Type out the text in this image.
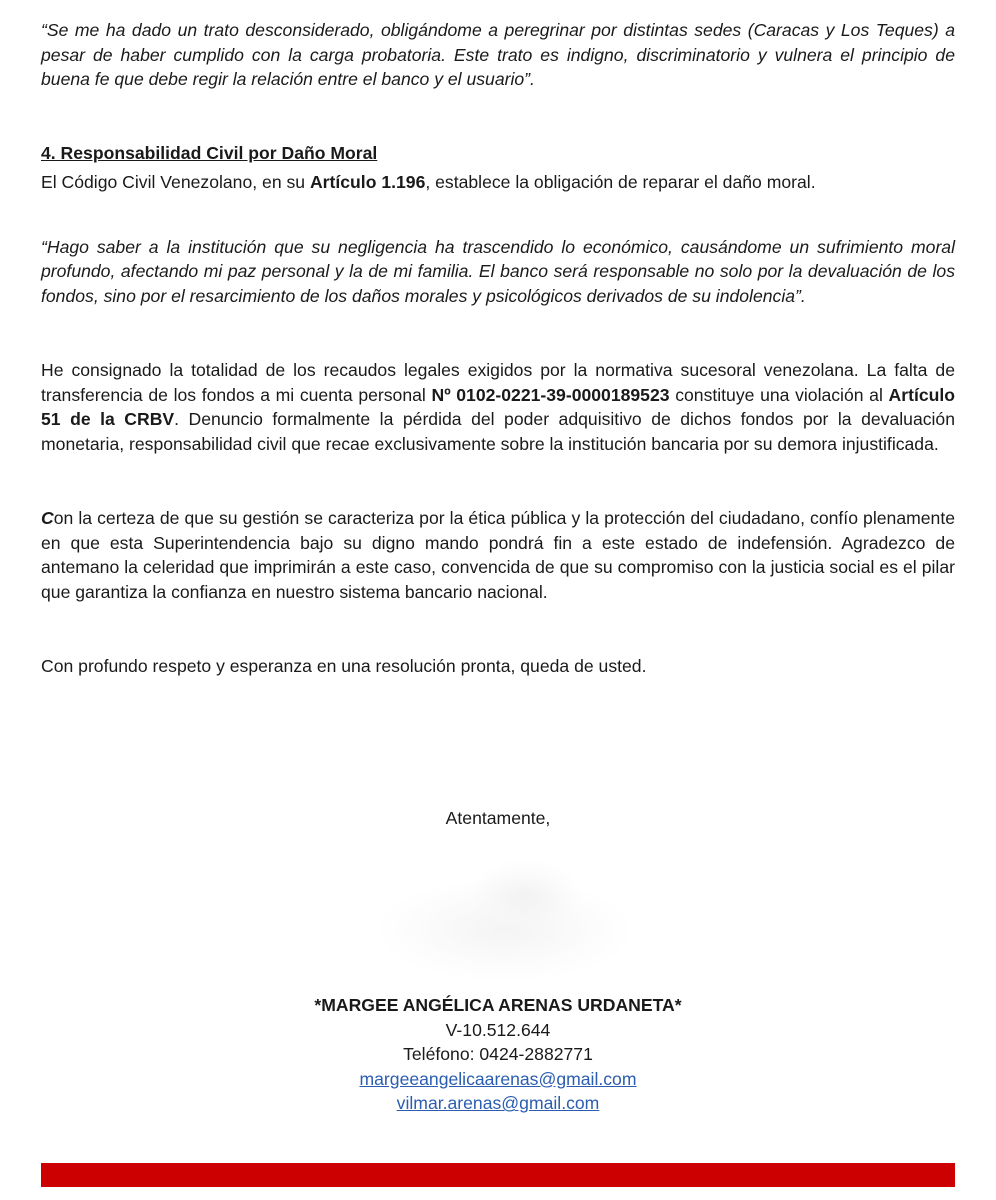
“Se me ha dado un trato desconsiderado, obligándome a peregrinar por distintas sedes (Caracas y Los Teques) a pesar de haber cumplido con la carga probatoria. Este trato es indigno, discriminatorio y vulnera el principio de buena fe que debe regir la relación entre el banco y el usuario”.

4. Responsabilidad Civil por Daño Moral

El Código Civil Venezolano, en su Artículo 1.196, establece la obligación de reparar el daño moral.

“Hago saber a la institución que su negligencia ha trascendido lo económico, causándome un sufrimiento moral profundo, afectando mi paz personal y la de mi familia. El banco será responsable no solo por la devaluación de los fondos, sino por el resarcimiento de los daños morales y psicológicos derivados de su indolencia”.

He consignado la totalidad de los recaudos legales exigidos por la normativa sucesoral venezolana. La falta de transferencia de los fondos a mi cuenta personal Nº 0102-0221-39-0000189523 constituye una violación al Artículo 51 de la CRBV. Denuncio formalmente la pérdida del poder adquisitivo de dichos fondos por la devaluación monetaria, responsabilidad civil que recae exclusivamente sobre la institución bancaria por su demora injustificada.

Con la certeza de que su gestión se caracteriza por la ética pública y la protección del ciudadano, confío plenamente en que esta Superintendencia bajo su digno mando pondrá fin a este estado de indefensión. Agradezco de antemano la celeridad que imprimirán a este caso, convencida de que su compromiso con la justicia social es el pilar que garantiza la confianza en nuestro sistema bancario nacional.

Con profundo respeto y esperanza en una resolución pronta, queda de usted.

Atentamente,
*MARGEE ANGÉLICA ARENAS URDANETA*
V-10.512.644
Teléfono: 0424-2882771
margeeangelicaarenas@gmail.com
vilmar.arenas@gmail.com
